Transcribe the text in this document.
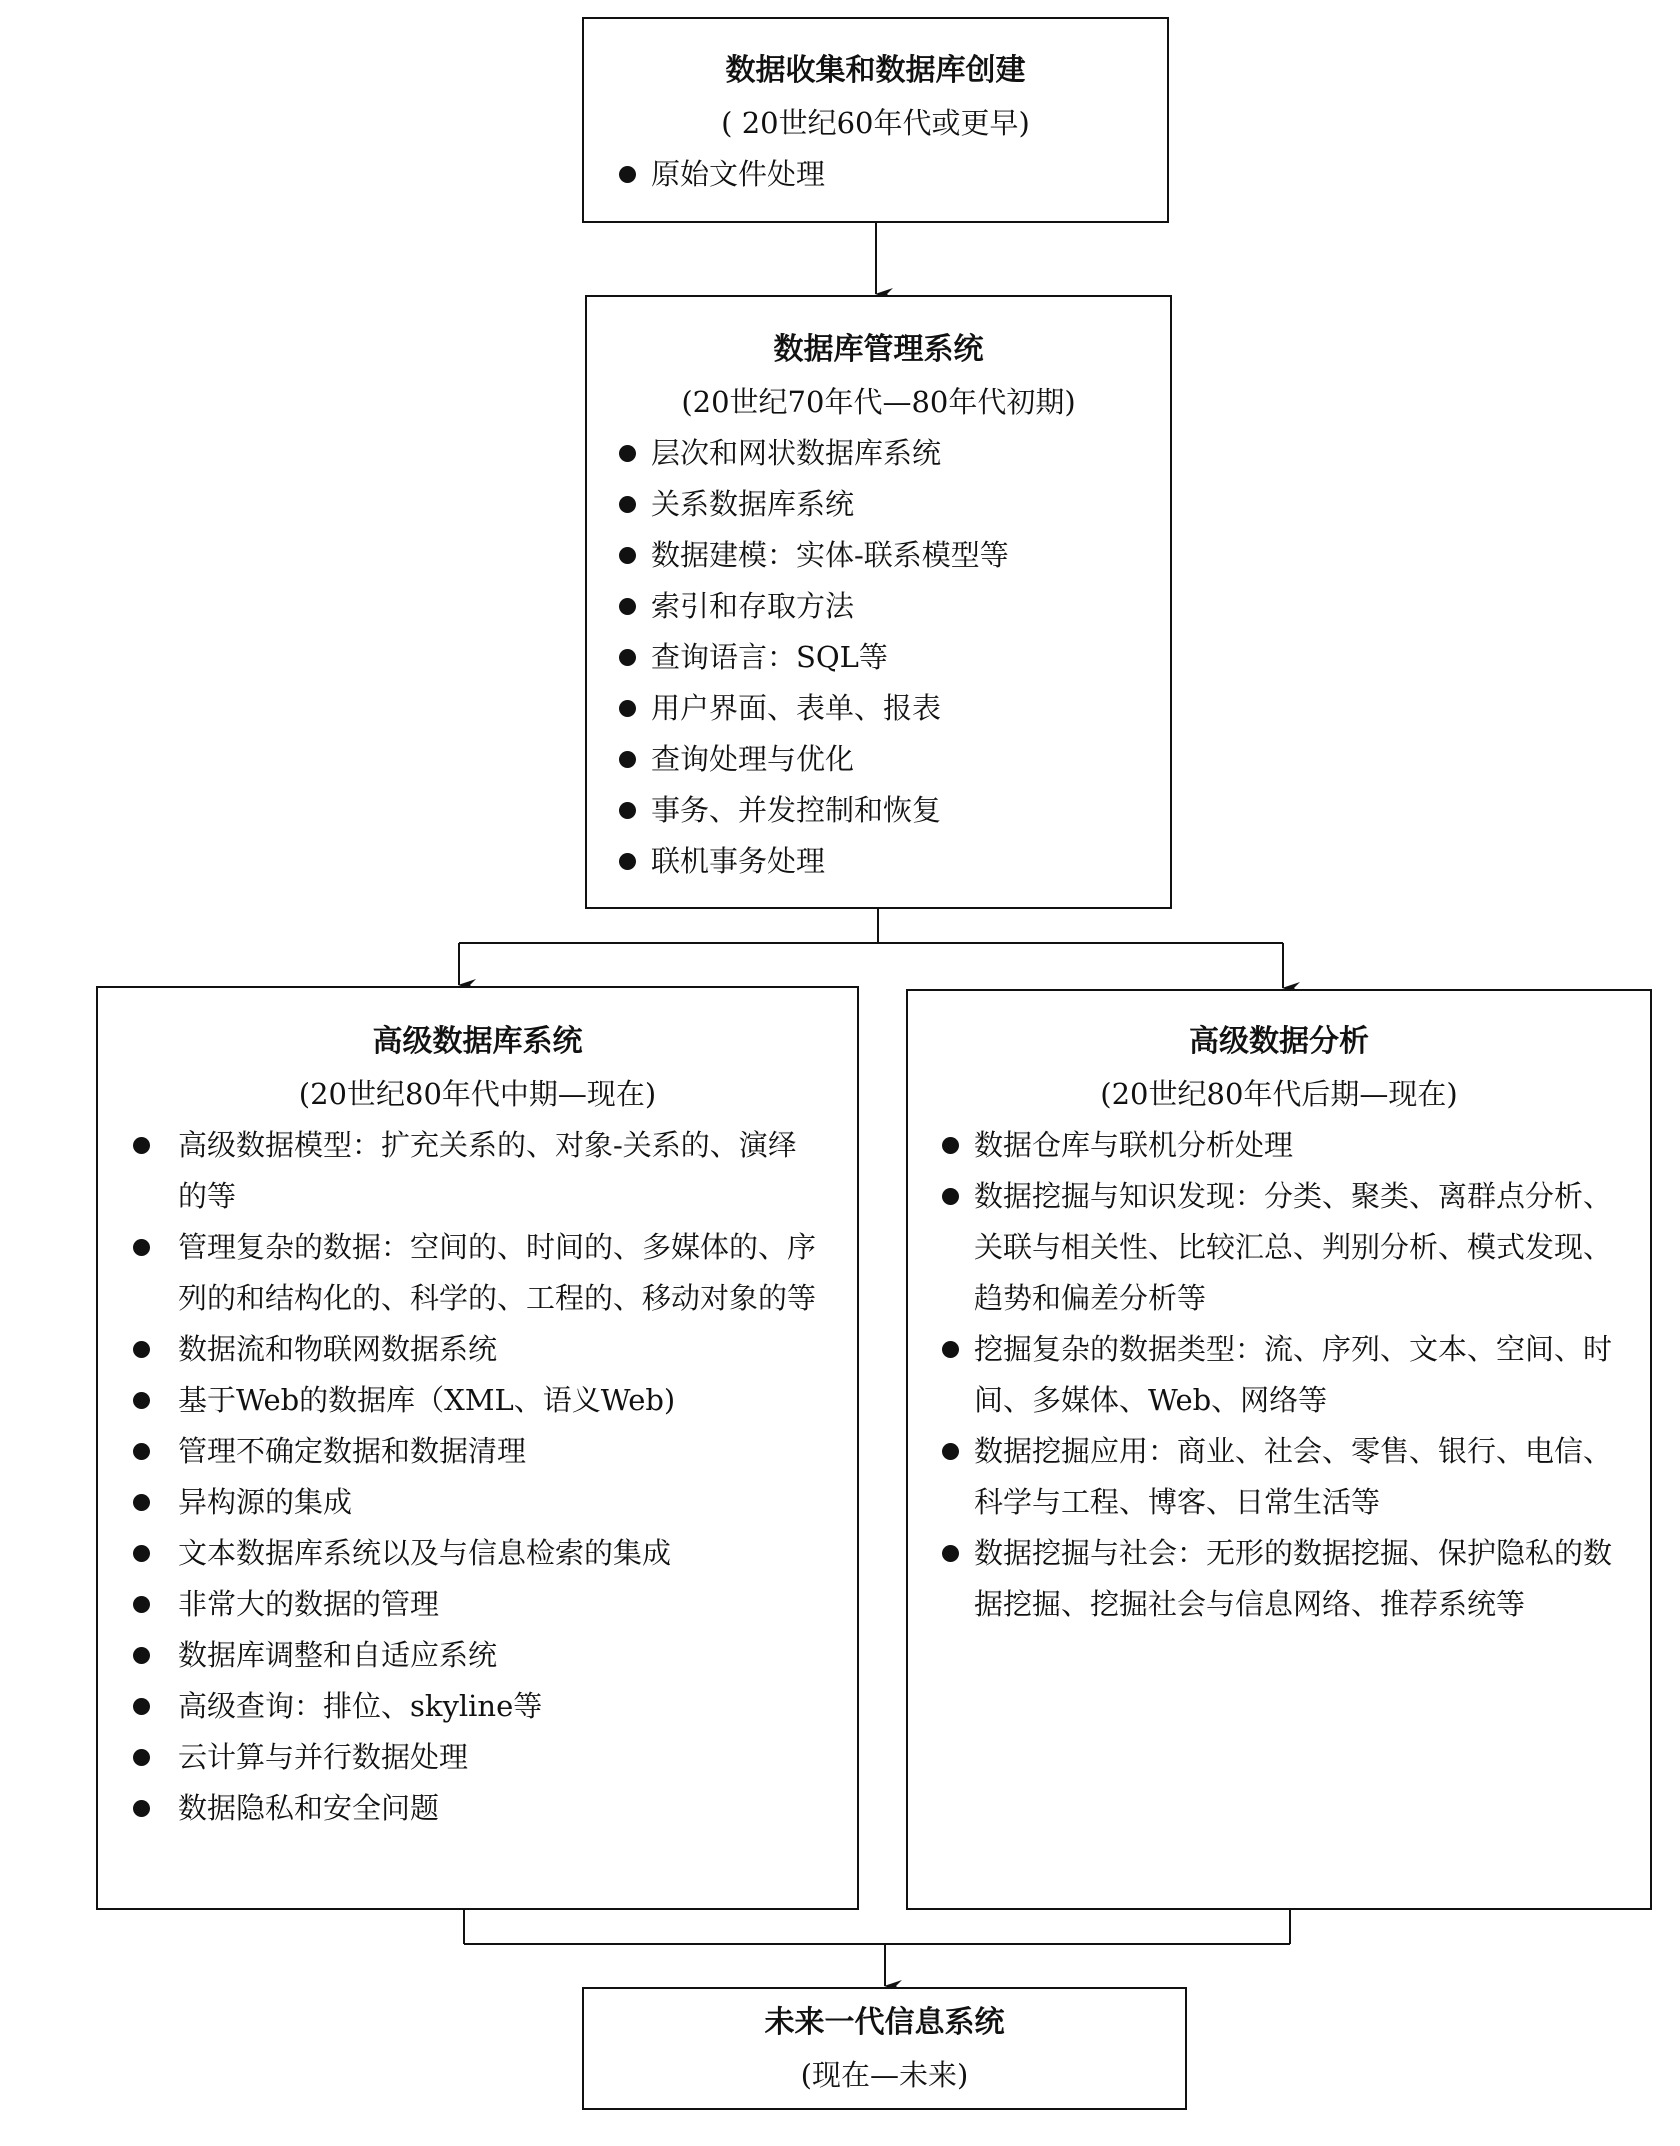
数据收集和数据库创建
( 20世纪60年代或更早)
原始文件处理
数据库管理系统
(20世纪70年代—80年代初期)
层次和网状数据库系统
关系数据库系统
数据建模：实体-联系模型等
索引和存取方法
查询语言：SQL等
用户界面、表单、报表
查询处理与优化
事务、并发控制和恢复
联机事务处理
高级数据库系统
(20世纪80年代中期—现在)
高级数据模型：扩充关系的、对象-关系的、演绎的等
管理复杂的数据：空间的、时间的、多媒体的、序列的和结构化的、科学的、工程的、移动对象的等
数据流和物联网数据系统
基于Web的数据库（XML、语义Web)
管理不确定数据和数据清理
异构源的集成
文本数据库系统以及与信息检索的集成
非常大的数据的管理
数据库调整和自适应系统
高级查询：排位、skyline等
云计算与并行数据处理
数据隐私和安全问题
高级数据分析
(20世纪80年代后期—现在)
数据仓库与联机分析处理
数据挖掘与知识发现：分类、聚类、离群点分析、关联与相关性、比较汇总、判别分析、模式发现、趋势和偏差分析等
挖掘复杂的数据类型：流、序列、文本、空间、时间、多媒体、Web、网络等
数据挖掘应用：商业、社会、零售、银行、电信、科学与工程、博客、日常生活等
数据挖掘与社会：无形的数据挖掘、保护隐私的数据挖掘、挖掘社会与信息网络、推荐系统等
未来一代信息系统
(现在—未来)
